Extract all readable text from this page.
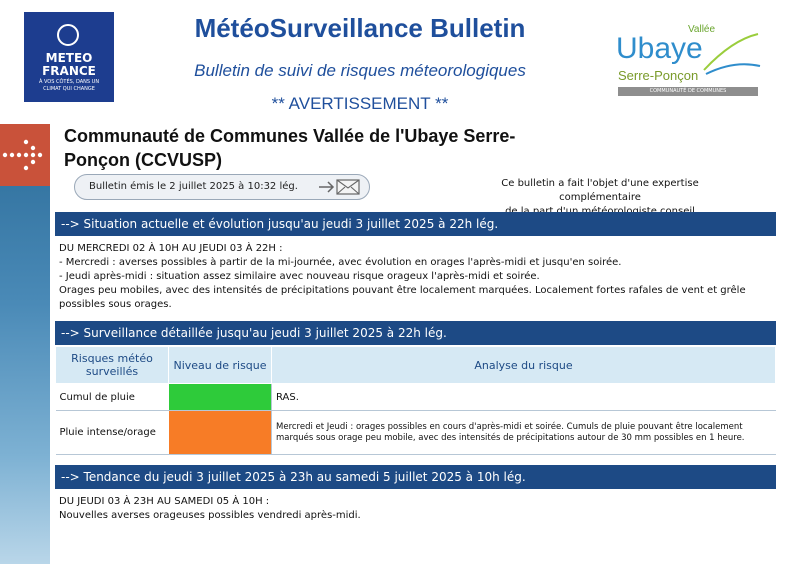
METEO
FRANCE
À VOS CÔTÉS, DANS UN CLIMAT QUI CHANGE
MétéoSurveillance Bulletin
Bulletin de suivi de risques méteorologiques
** AVERTISSEMENT **
Vallée
Ubaye
Serre-Ponçon
COMMUNAUTÉ DE COMMUNES
Communauté de Communes Vallée de l'Ubaye Serre-Ponçon (CCVUSP)
Bulletin émis le 2 juillet 2025 à 10:32 lég.	Ce bulletin a fait l'objet d'une expertise complémentaire

--> Situation actuelle et évolution jusqu'au jeudi 3 juillet 2025 à 22h lég.
DU MERCREDI 02 À 10H AU JEUDI 03 À 22H :
- Mercredi : averses possibles à partir de la mi-journée, avec évolution en orages l'après-midi et jusqu'en soirée.
- Jeudi après-midi : situation assez similaire avec nouveau risque orageux l'après-midi et soirée.
Orages peu mobiles, avec des intensités de précipitations pouvant être localement marquées. Localement fortes rafales de vent et grêle possibles sous orages.
--> Surveillance détaillée jusqu'au jeudi 3 juillet 2025 à 22h lég.
Risques météo surveillés	Niveau de risque	Analyse du risque
Cumul de pluie		RAS.
Pluie intense/orage		Mercredi et Jeudi : orages possibles en cours d'après-midi et soirée. Cumuls de pluie pouvant être localement marqués sous orage peu mobile, avec des intensités de précipitations autour de 30 mm possibles en 1 heure.
--> Tendance du jeudi 3 juillet 2025 à 23h au samedi 5 juillet 2025 à 10h lég.
DU JEUDI 03 À 23H AU SAMEDI 05 À 10H :
Nouvelles averses orageuses possibles vendredi après-midi.
